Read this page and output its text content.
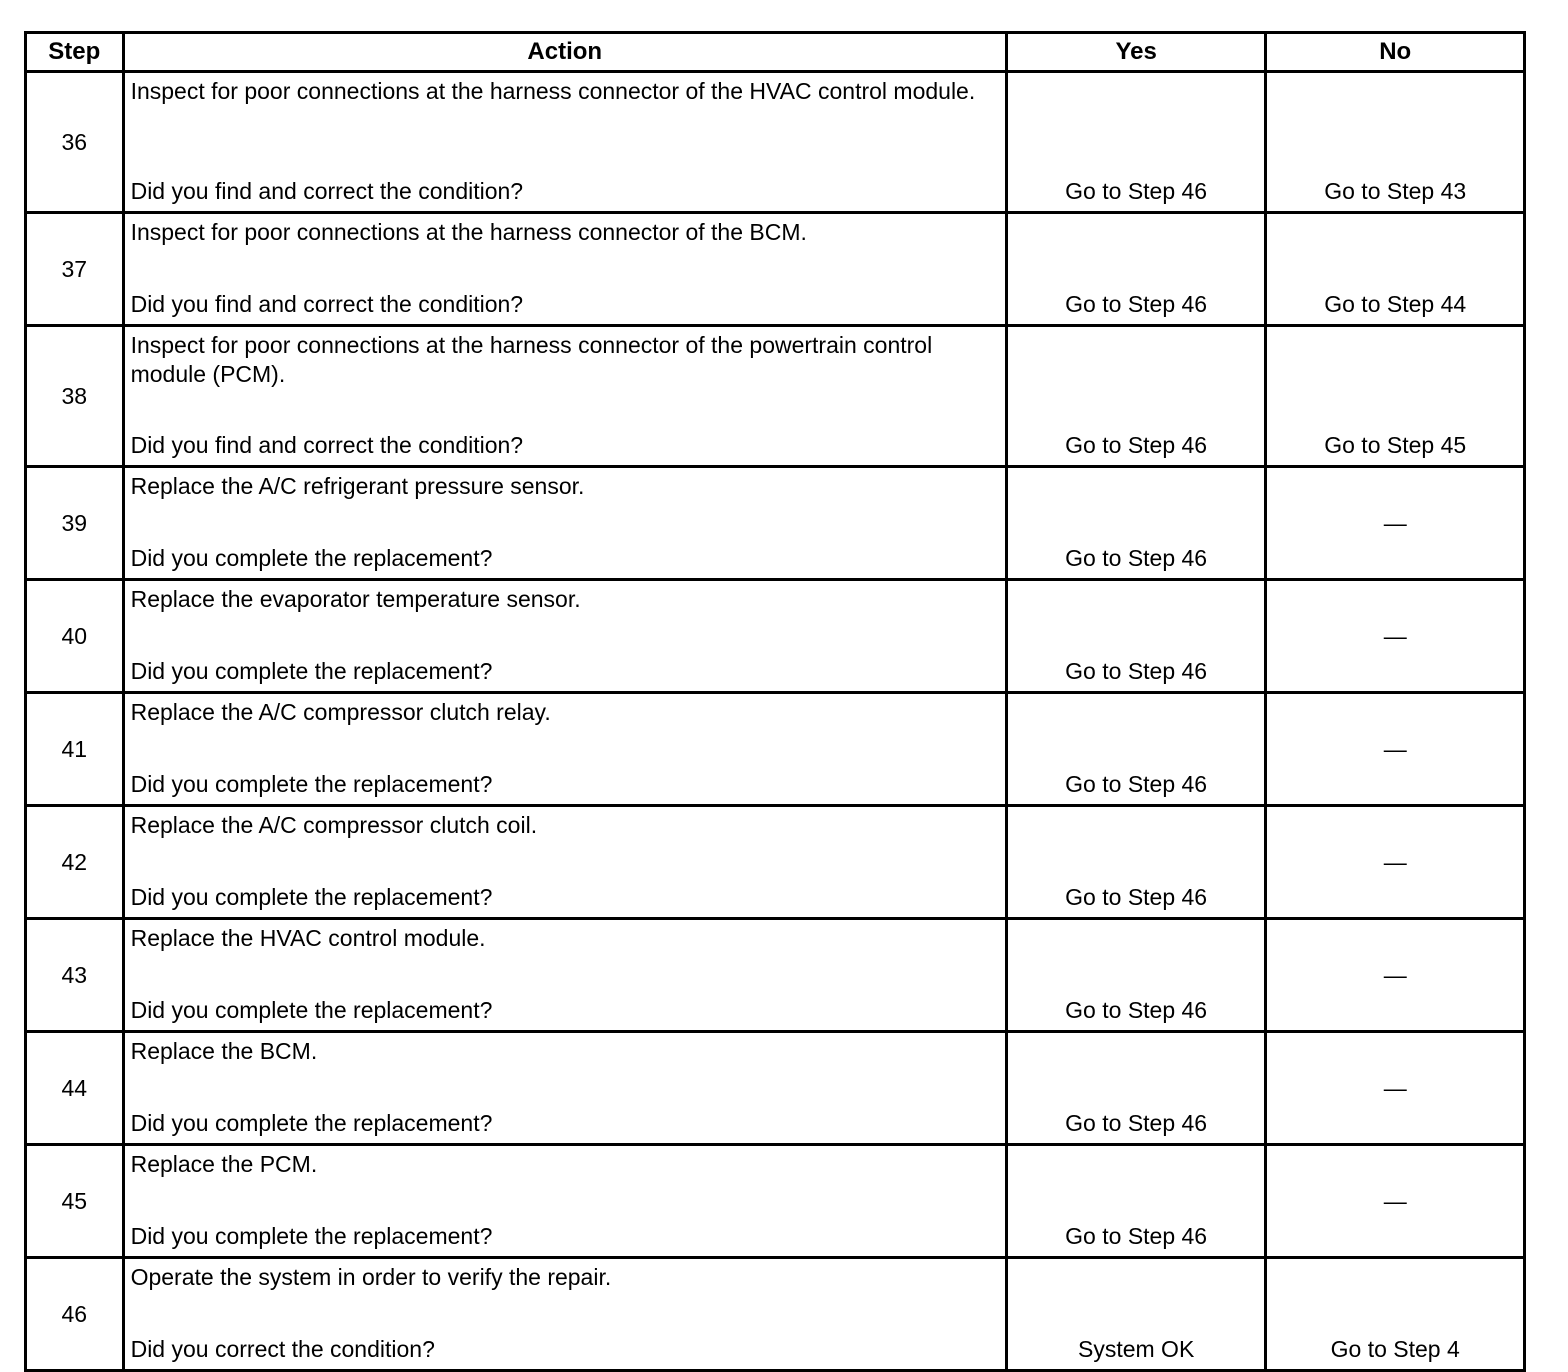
Step	Action	Yes	No
36	Inspect for poor connections at the harness connector of the HVAC control module.
Did you find and correct the condition?	Go to Step 46	Go to Step 43
37	Inspect for poor connections at the harness connector of the BCM.
Did you find and correct the condition?	Go to Step 46	Go to Step 44
38	Inspect for poor connections at the harness connector of the powertrain control module (PCM).
Did you find and correct the condition?	Go to Step 46	Go to Step 45
39	Replace the A/C refrigerant pressure sensor.
Did you complete the replacement?	Go to Step 46	—
40	Replace the evaporator temperature sensor.
Did you complete the replacement?	Go to Step 46	—
41	Replace the A/C compressor clutch relay.
Did you complete the replacement?	Go to Step 46	—
42	Replace the A/C compressor clutch coil.
Did you complete the replacement?	Go to Step 46	—
43	Replace the HVAC control module.
Did you complete the replacement?	Go to Step 46	—
44	Replace the BCM.
Did you complete the replacement?	Go to Step 46	—
45	Replace the PCM.
Did you complete the replacement?	Go to Step 46	—
46	Operate the system in order to verify the repair.
Did you correct the condition?	System OK	Go to Step 4
